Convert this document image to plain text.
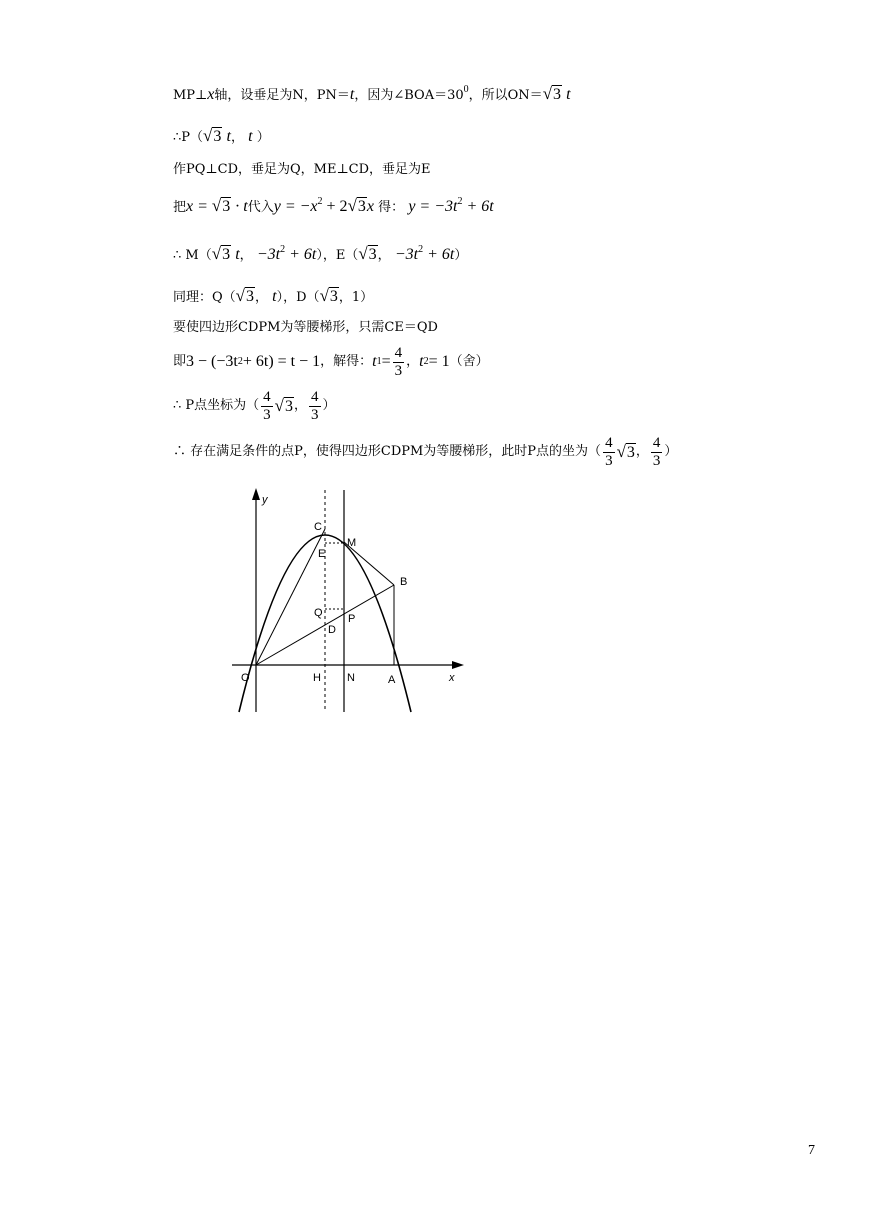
MP⊥x轴，设垂足为N，PN＝t，因为$\angle BOA=30^0$，所以ON＝√3 t
∴P（√3 t， t ）
作PQ⊥CD，垂足为Q，ME⊥CD，垂足为E
把x = √3 · t代入$y = -x^2 + 2√3x$ 得： $y = -3t^2 + 6t$
∴ M（√3 t， $-3t^2 + 6t$），E（√3， $-3t^2 + 6t$）
同理：Q（√3， t），D（√3，1）
要使四边形CDPM为等腰梯形，只需CE＝QD
即 3 − (−3t 2 + 6t) = t − 1 ，解得： t $1 = \frac{4}{3}$ ， t 2 = 1 （舍）
∴ P点坐标为（
4
3 √3 ，
4
3
）
∴ 存在满足条件的点P，使得四边形CDPM为等腰梯形，此时P点的坐为（
4
3 √3 ，
4
3
）
y
x
O	H N	A
C
E
M
B
Q
D
P
7
